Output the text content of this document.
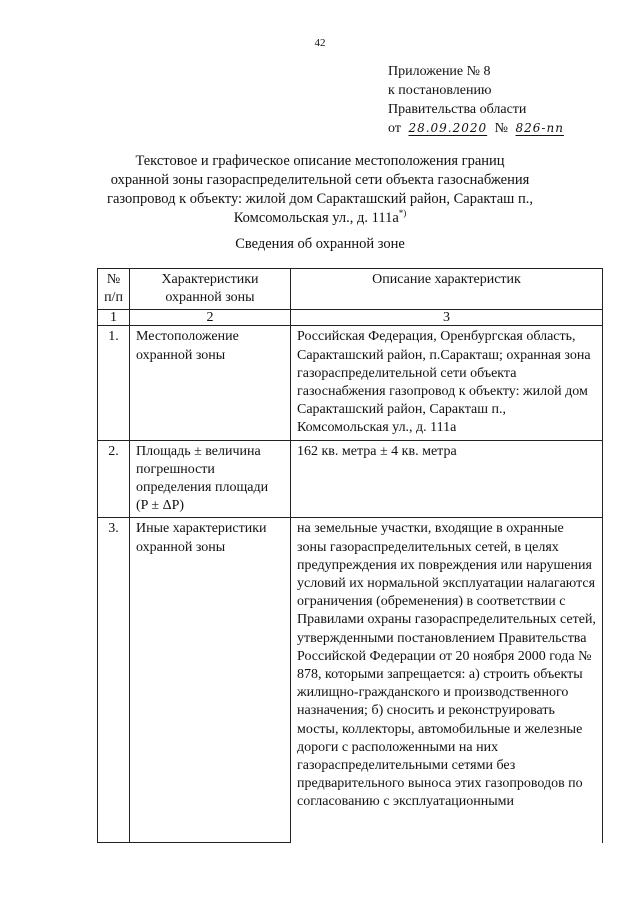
42
Приложение № 8
к постановлению
Правительства области
от 28.09.2020 № 826-пп
Текстовое и графическое описание местоположения границ
охранной зоны газораспределительной сети объекта газоснабжения
газопровод к объекту: жилой дом Саракташский район, Саракташ п.,
Комсомольская ул., д. 111а*)
Сведения об охранной зоне
№ п/п	Характеристики охранной зоны	Описание характеристик
1	2	3
1.	Местоположение охранной зоны	Российская Федерация, Оренбургская область, Саракташский район, п.Саракташ; охранная зона газораспределительной сети объекта газоснабжения газопровод к объекту: жилой дом Саракташский район, Саракташ п., Комсомольская ул., д. 111а
2.	Площадь ± величина погрешности определения площади (P ± ΔP)	162 кв. метра ± 4 кв. метра
3.	Иные характеристики охранной зоны	на земельные участки, входящие в охранные зоны газораспределительных сетей, в целях предупреждения их повреждения или нарушения условий их нормальной эксплуатации налагаются ограничения (обременения) в соответствии с Правилами охраны газораспределительных сетей, утвержденными постановлением Правительства Российской Федерации от 20 ноября 2000 года № 878, которыми запрещается: а) строить объекты жилищно-гражданского и производственного назначения; б) сносить и реконструировать мосты, коллекторы, автомобильные и железные дороги с расположенными на них газораспределительными сетями без предварительного выноса этих газопроводов по согласованию с эксплуатационными
